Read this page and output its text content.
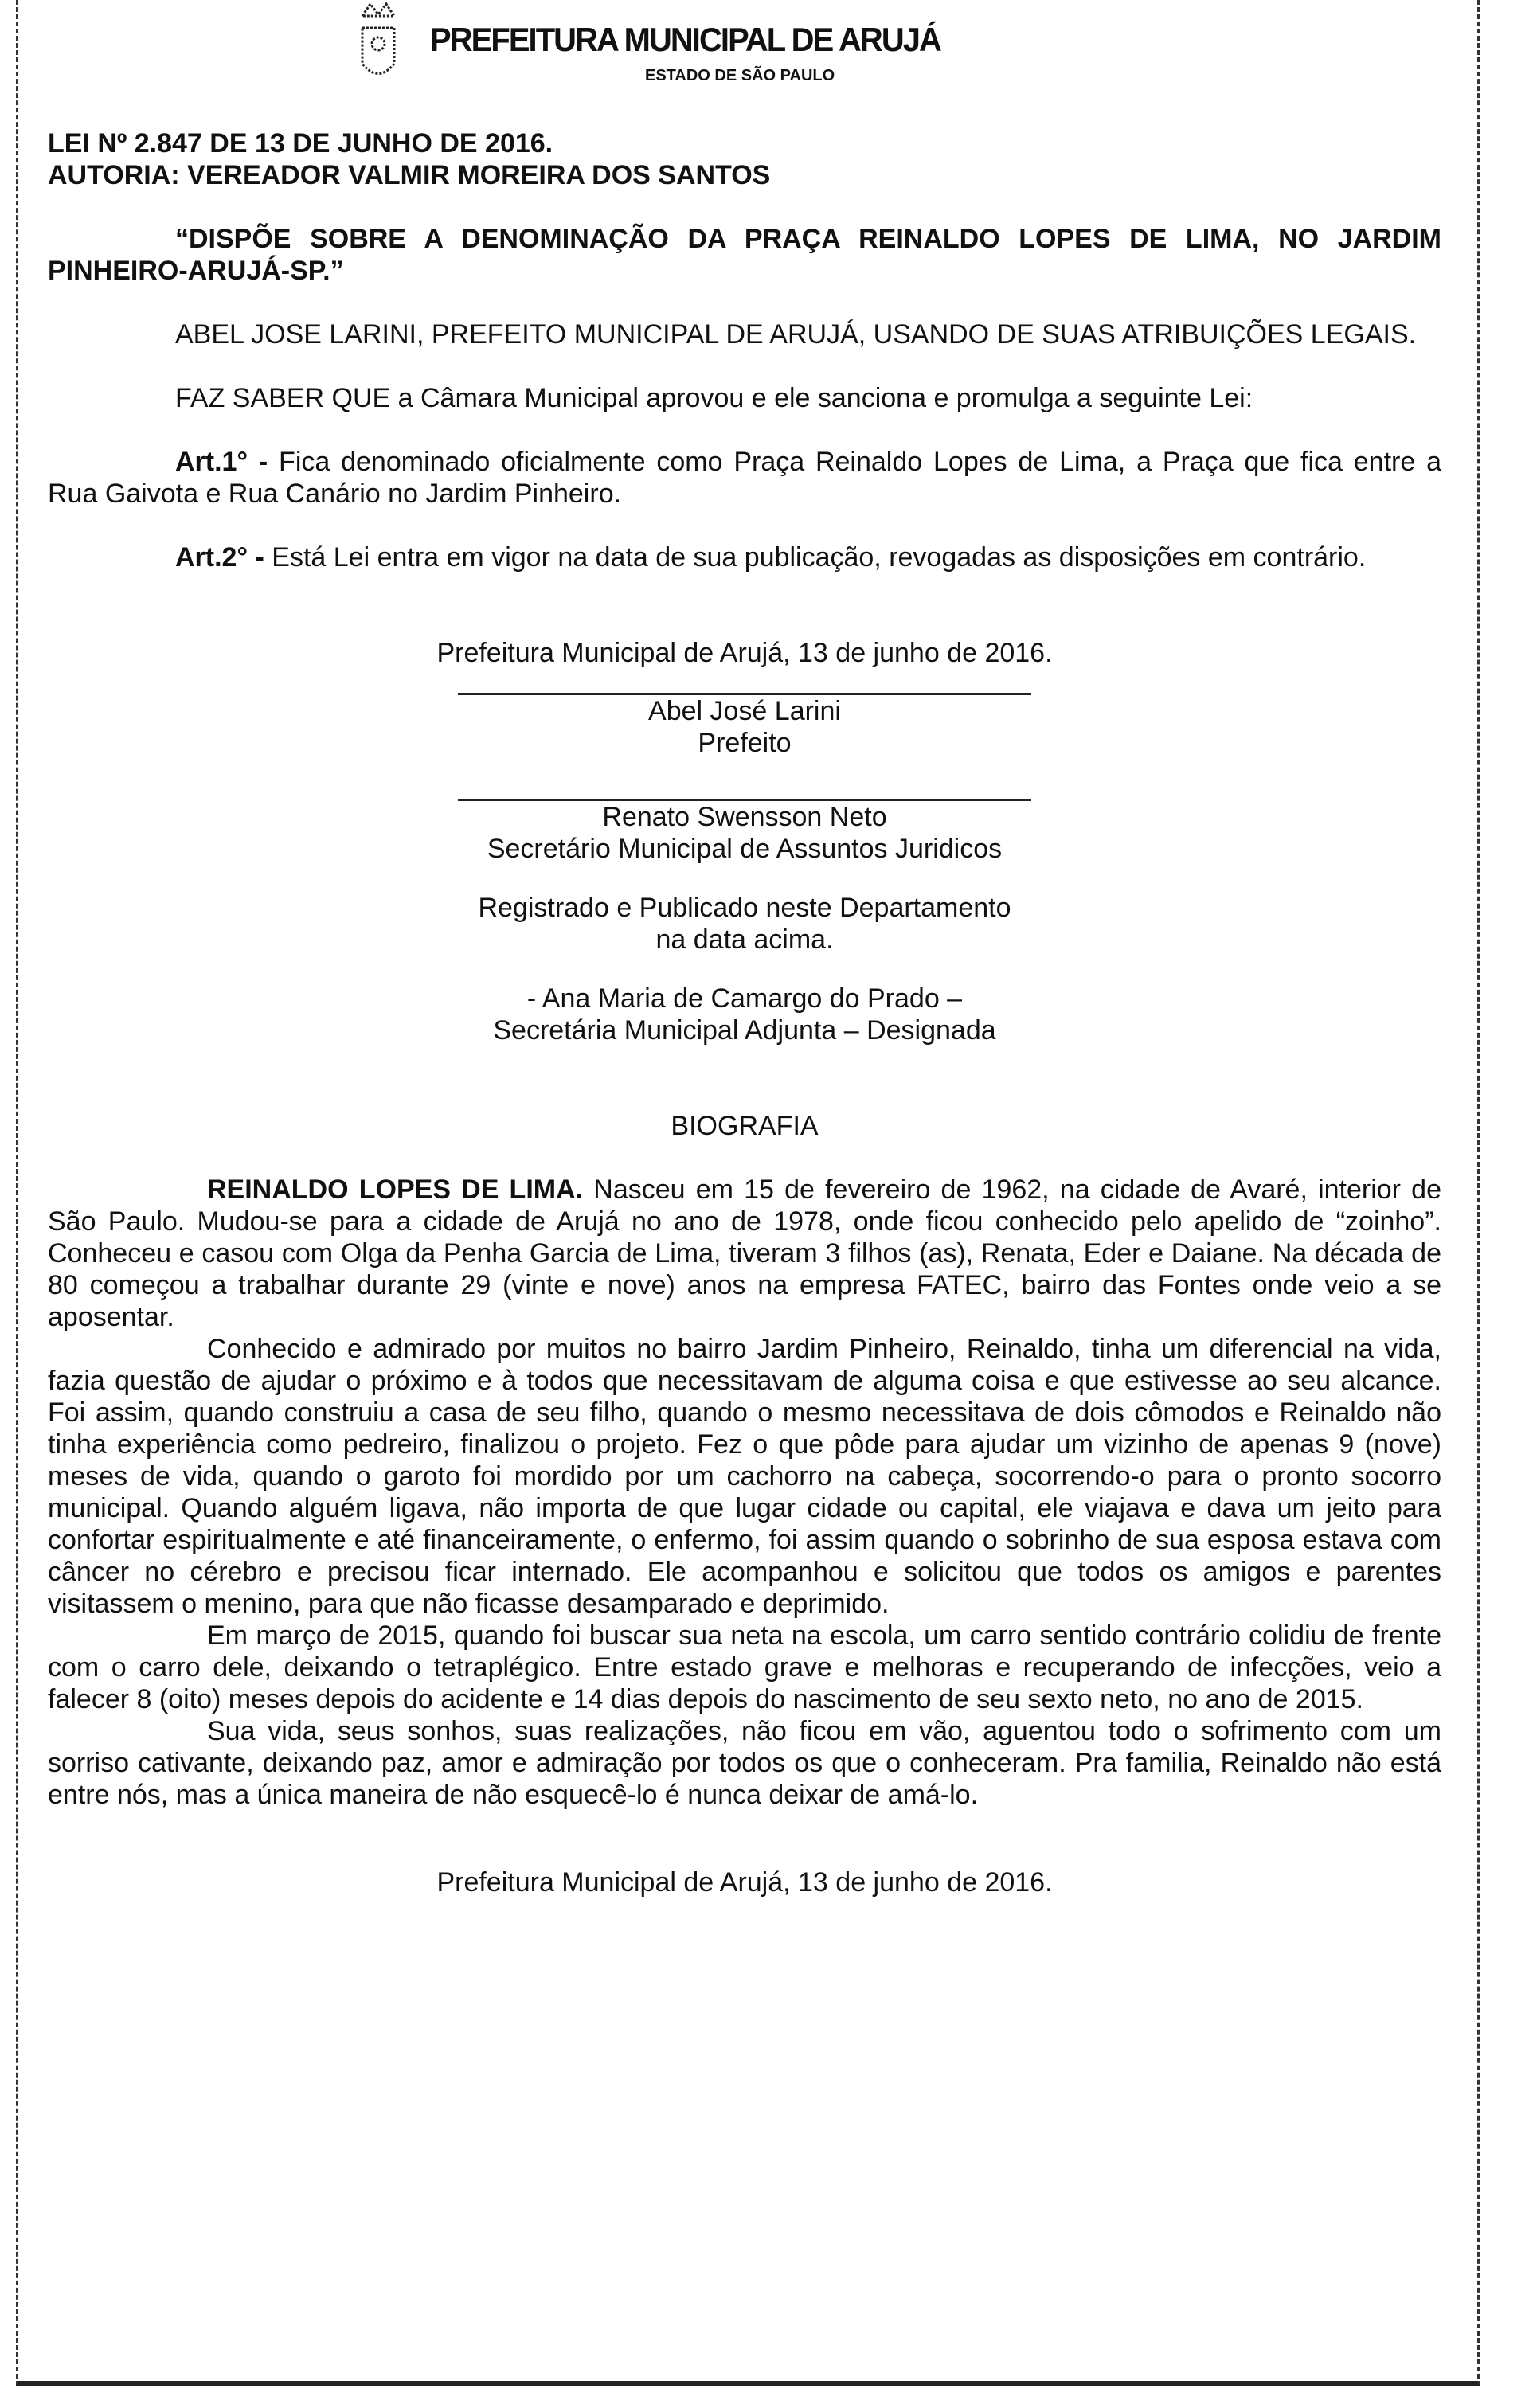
PREFEITURA MUNICIPAL DE ARUJÁ
ESTADO DE SÃO PAULO
LEI Nº 2.847 DE 13 DE JUNHO DE 2016.
AUTORIA: VEREADOR VALMIR MOREIRA DOS SANTOS

“DISPÕE SOBRE A DENOMINAÇÃO DA PRAÇA REINALDO LOPES DE LIMA, NO JARDIM PINHEIRO-ARUJÁ-SP.”

ABEL JOSE LARINI, PREFEITO MUNICIPAL DE ARUJÁ, USANDO DE SUAS ATRIBUIÇÕES LEGAIS.

FAZ SABER QUE a Câmara Municipal aprovou e ele sanciona e promulga a seguinte Lei:

Art.1° - Fica denominado oficialmente como Praça Reinaldo Lopes de Lima, a Praça que fica entre a Rua Gaivota e Rua Canário no Jardim Pinheiro.

Art.2° - Está Lei entra em vigor na data de sua publicação, revogadas as disposições em contrário.

Prefeitura Municipal de Arujá, 13 de junho de 2016.
Abel José Larini
Prefeito
Renato Swensson Neto
Secretário Municipal de Assuntos Juridicos
Registrado e Publicado neste Departamento
na data acima.
- Ana Maria de Camargo do Prado –
Secretária Municipal Adjunta – Designada
BIOGRAFIA

REINALDO LOPES DE LIMA. Nasceu em 15 de fevereiro de 1962, na cidade de Avaré, interior de São Paulo. Mudou-se para a cidade de Arujá no ano de 1978, onde ficou conhecido pelo apelido de “zoinho”. Conheceu e casou com Olga da Penha Garcia de Lima, tiveram 3 filhos (as), Renata, Eder e Daiane. Na década de 80 começou a trabalhar durante 29 (vinte e nove) anos na empresa FATEC, bairro das Fontes onde veio a se aposentar.

Conhecido e admirado por muitos no bairro Jardim Pinheiro, Reinaldo, tinha um diferencial na vida, fazia questão de ajudar o próximo e à todos que necessitavam de alguma coisa e que estivesse ao seu alcance. Foi assim, quando construiu a casa de seu filho, quando o mesmo necessitava de dois cômodos e Reinaldo não tinha experiência como pedreiro, finalizou o projeto. Fez o que pôde para ajudar um vizinho de apenas 9 (nove) meses de vida, quando o garoto foi mordido por um cachorro na cabeça, socorrendo-o para o pronto socorro municipal. Quando alguém ligava, não importa de que lugar cidade ou capital, ele viajava e dava um jeito para confortar espiritualmente e até financeiramente, o enfermo, foi assim quando o sobrinho de sua esposa estava com câncer no cérebro e precisou ficar internado. Ele acompanhou e solicitou que todos os amigos e parentes visitassem o menino, para que não ficasse desamparado e deprimido.

Em março de 2015, quando foi buscar sua neta na escola, um carro sentido contrário colidiu de frente com o carro dele, deixando o tetraplégico. Entre estado grave e melhoras e recuperando de infecções, veio a falecer 8 (oito) meses depois do acidente e 14 dias depois do nascimento de seu sexto neto, no ano de 2015.

Sua vida, seus sonhos, suas realizações, não ficou em vão, aguentou todo o sofrimento com um sorriso cativante, deixando paz, amor e admiração por todos os que o conheceram. Pra familia, Reinaldo não está entre nós, mas a única maneira de não esquecê-lo é nunca deixar de amá-lo.

Prefeitura Municipal de Arujá, 13 de junho de 2016.
